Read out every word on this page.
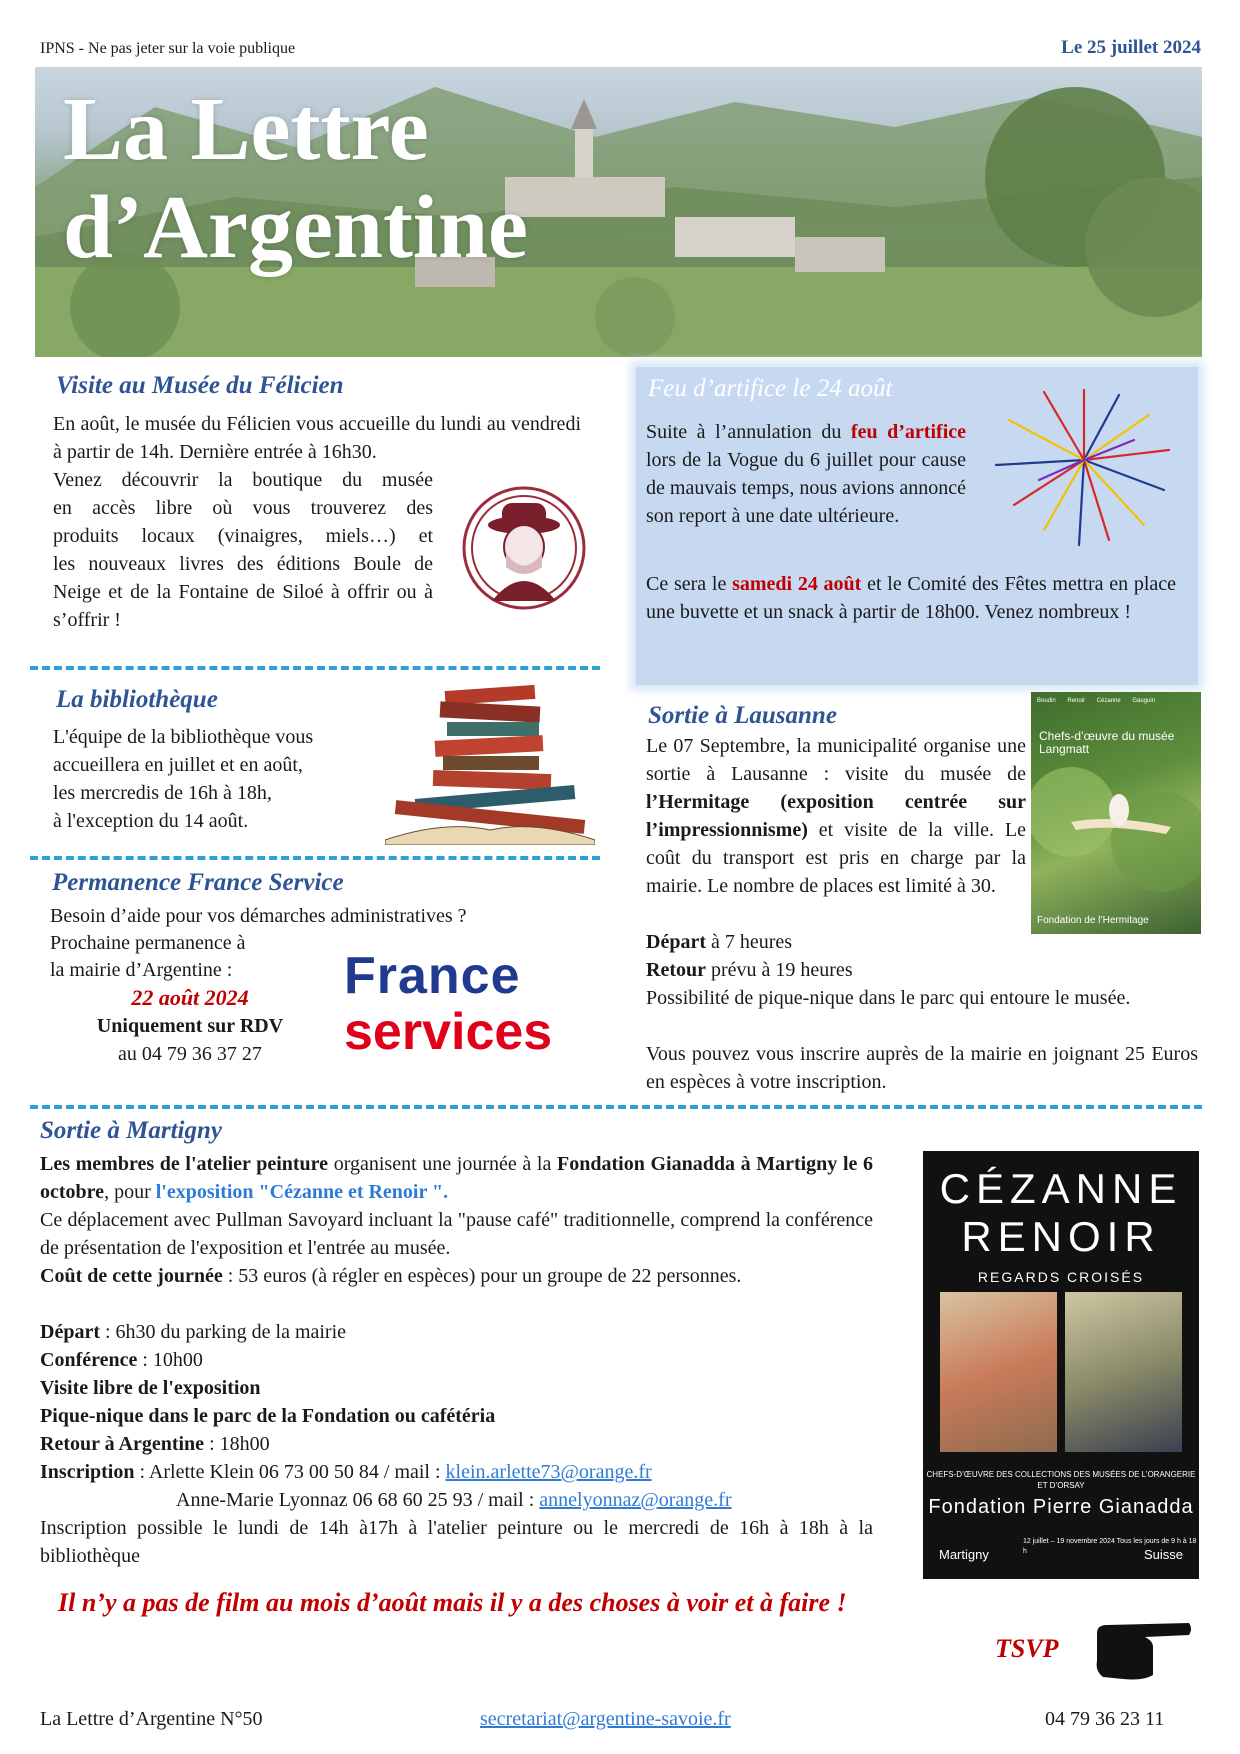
IPNS - Ne pas jeter sur la voie publique	Le 25 juillet 2024
La Lettre
d’Argentine
Visite au Musée du Félicien
En août, le musée du Félicien vous accueille du lundi au vendredi à partir de 14h. Dernière entrée à 16h30.
Venez découvrir la boutique du musée
en accès libre où vous trouverez des
produits locaux (vinaigres, miels…) et
les nouveaux livres des éditions Boule de Neige et de la Fontaine de Siloé à offrir ou à s’offrir !
La bibliothèque
L'équipe de la bibliothèque vous
accueillera en juillet et en août,
les mercredis de 16h à 18h,
à l'exception du 14 août.
Permanence France Service
Besoin d’aide pour vos démarches administratives ?
Prochaine permanence à
la mairie d’Argentine :
22 août 2024
Uniquement sur RDV
au 04 79 36 37 27
France
services
Feu d’artifice le 24 août
Suite à l’annulation du feu d’artifice lors de la Vogue du 6 juillet pour cause de mauvais temps, nous avions annoncé son report à une date ultérieure.
Ce sera le samedi 24 août et le Comité des Fêtes mettra en place une buvette et un snack à partir de 18h00. Venez nombreux !
Sortie à Lausanne
Le 07 Septembre, la municipalité organise une sortie à Lausanne : visite du musée de l’Hermitage (exposition centrée sur l’impressionnisme) et visite de la ville. Le coût du transport est pris en charge par la mairie. Le nombre de places est limité à 30.
Départ à 7 heures
Retour prévu à 19 heures
Possibilité de pique-nique dans le parc qui entoure le musée.
Vous pouvez vous inscrire auprès de la mairie en joignant 25 Euros en espèces à votre inscription.
Boudin Renoir Cézanne Gauguin
Chefs-d’œuvre du musée Langmatt
Fondation de l’Hermitage
Sortie à Martigny
Les membres de l'atelier peinture organisent une journée à la Fondation Gianadda à Martigny le 6 octobre, pour l'exposition "Cézanne et Renoir ".
Ce déplacement avec Pullman Savoyard incluant la "pause café" traditionnelle, comprend la conférence de présentation de l'exposition et l'entrée au musée.
Coût de cette journée : 53 euros (à régler en espèces) pour un groupe de 22 personnes.
Départ : 6h30 du parking de la mairie
Conférence : 10h00
Visite libre de l'exposition
Pique-nique dans le parc de la Fondation ou cafétéria
Retour à Argentine : 18h00
Inscription : Arlette Klein 06 73 00 50 84 / mail : klein.arlette73@orange.fr
Anne-Marie Lyonnaz 06 68 60 25 93 / mail : annelyonnaz@orange.fr
Inscription possible le lundi de 14h à17h à l'atelier peinture ou le mercredi de 16h à 18h à la bibliothèque
CÉZANNE
RENOIR
REGARDS CROISÉS
CHEFS-D’ŒUVRE DES COLLECTIONS DES MUSÉES DE L’ORANGERIE ET D’ORSAY
Fondation Pierre Gianadda
Martigny
12 juillet – 19 novembre 2024 Tous les jours de 9 h à 18 h	Suisse
Il n’y a pas de film au mois d’août mais il y a des choses à voir et à faire !
TSVP
La Lettre d’Argentine N°50	secretariat@argentine-savoie.fr	04 79 36 23 11
